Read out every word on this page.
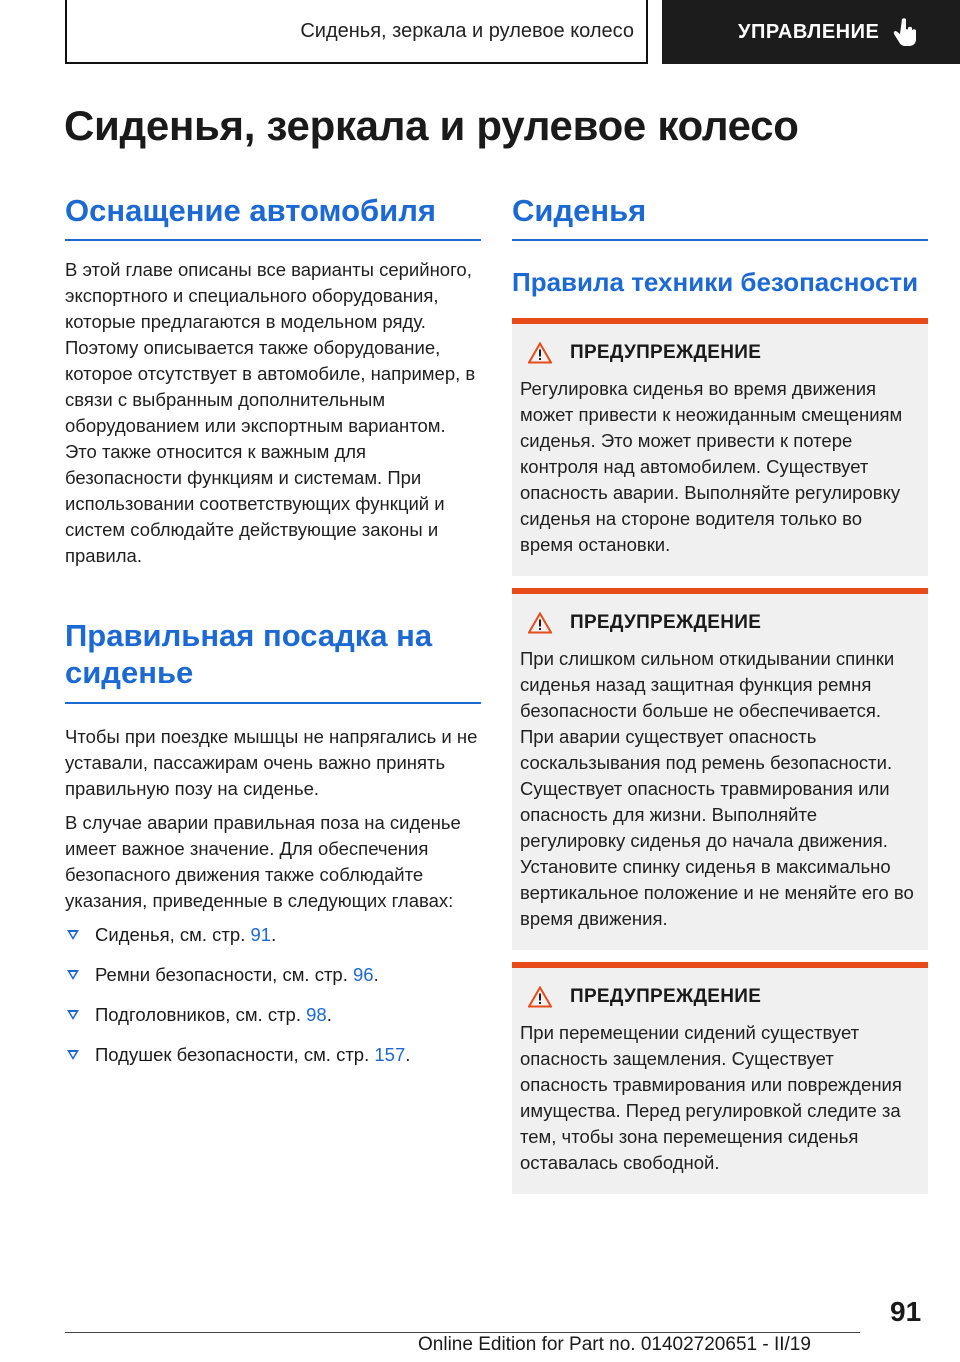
Сиденья, зеркала и рулевое колесо	УПРАВЛЕНИЕ
Сиденья, зеркала и рулевое колесо
Оснащение автомобиля

В этой главе описаны все варианты серийного, экспортного и специального оборудования, которые предлагаются в модельном ряду. Поэтому описывается также оборудование, которое отсутствует в автомобиле, например, в связи с выбранным дополнительным оборудованием или экспортным вариантом. Это также относится к важным для безопасности функциям и системам. При использовании соответствующих функций и систем соблюдайте действующие законы и правила.

Правильная посадка на сиденье

Чтобы при поездке мышцы не напрягались и не уставали, пассажирам очень важно принять правильную позу на сиденье.

В случае аварии правильная поза на сиденье имеет важное значение. Для обеспечения безопасного движения также соблюдайте указания, приведенные в следующих главах:

Сиденья, см. стр. 91.
Ремни безопасности, см. стр. 96.
Подголовников, см. стр. 98.
Подушек безопасности, см. стр. 157.
Сиденья
Правила техники безопасности
ПРЕДУПРЕЖДЕНИЕ

Регулировка сиденья во время движения может привести к неожиданным смещениям сиденья. Это может привести к потере контроля над автомобилем. Существует опасность аварии. Выполняйте регулировку сиденья на стороне водителя только во время остановки.

ПРЕДУПРЕЖДЕНИЕ

При слишком сильном откидывании спинки сиденья назад защитная функция ремня безопасности больше не обеспечивается. При аварии существует опасность соскальзывания под ремень безопасности. Существует опасность травмирования или опасность для жизни. Выполняйте регулировку сиденья до начала движения. Установите спинку сиденья в максимально вертикальное положение и не меняйте его во время движения.

ПРЕДУПРЕЖДЕНИЕ

При перемещении сидений существует опасность защемления. Существует опасность травмирования или повреждения имущества. Перед регулировкой следите за тем, чтобы зона перемещения сиденья оставалась свободной.

91
Online Edition for Part no. 01402720651 - II/19
